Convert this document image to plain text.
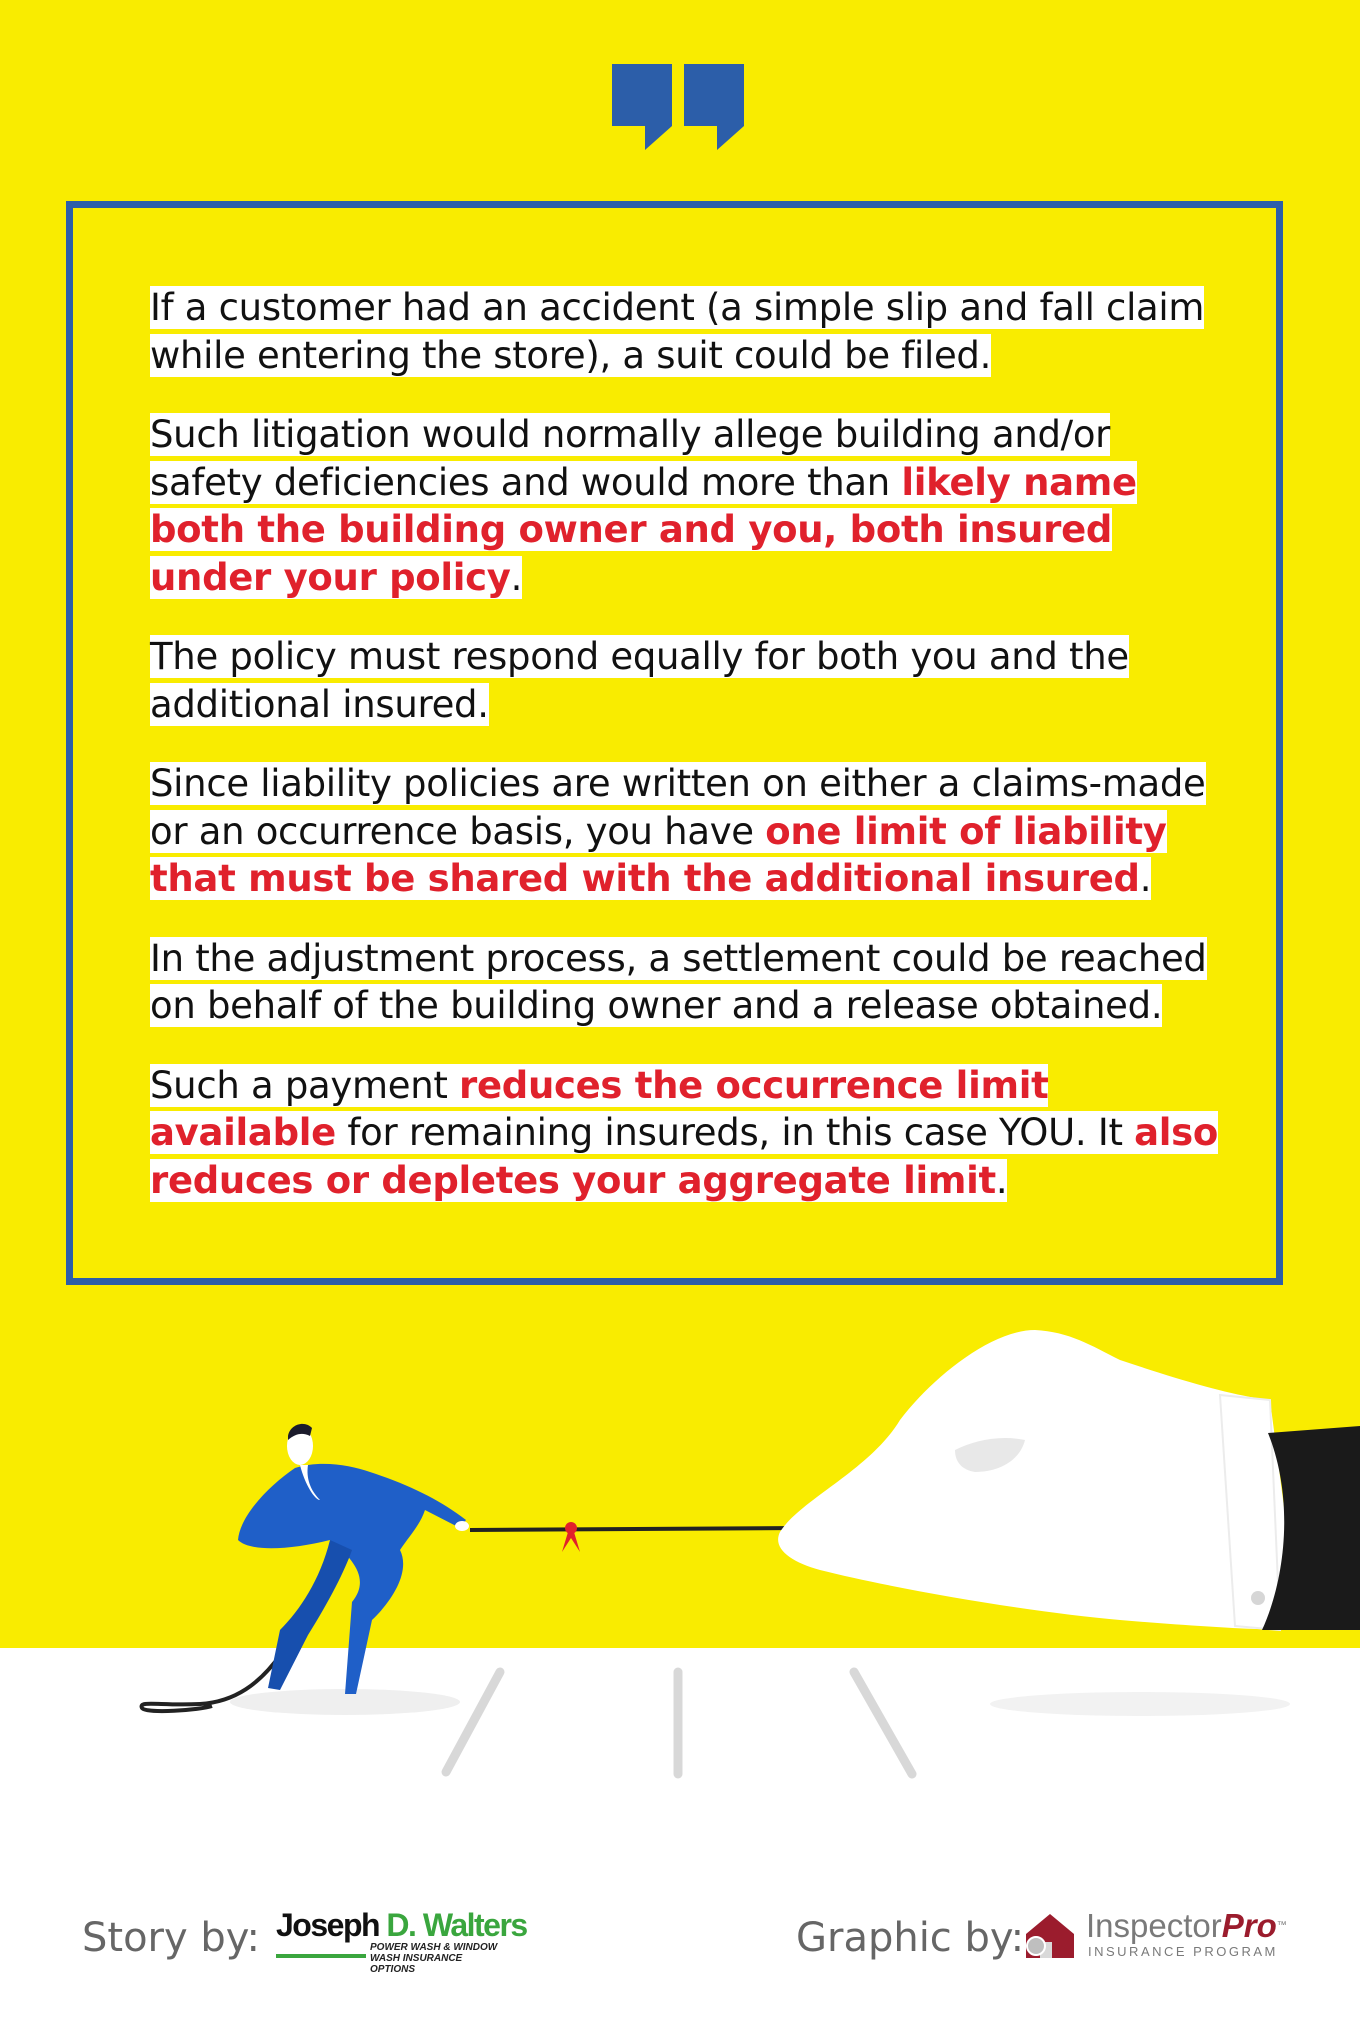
If a customer had an accident (a simple slip and fall claim while entering the store), a suit could be filed.

Such litigation would normally allege building and/or safety deficiencies and would more than likely name both the building owner and you, both insured under your policy.

The policy must respond equally for both you and the additional insured.

Since liability policies are written on either a claims-made or an occurrence basis, you have one limit of liability that must be shared with the additional insured.

In the adjustment process, a settlement could be reached on behalf of the building owner and a release obtained.

Such a payment reduces the occurrence limit available for remaining insureds, in this case YOU. It also reduces or depletes your aggregate limit.

Story by: Joseph D. Walters
POWER WASH & WINDOW WASH INSURANCE OPTIONS
Graphic by: InspectorPro™
INSURANCE PROGRAM
